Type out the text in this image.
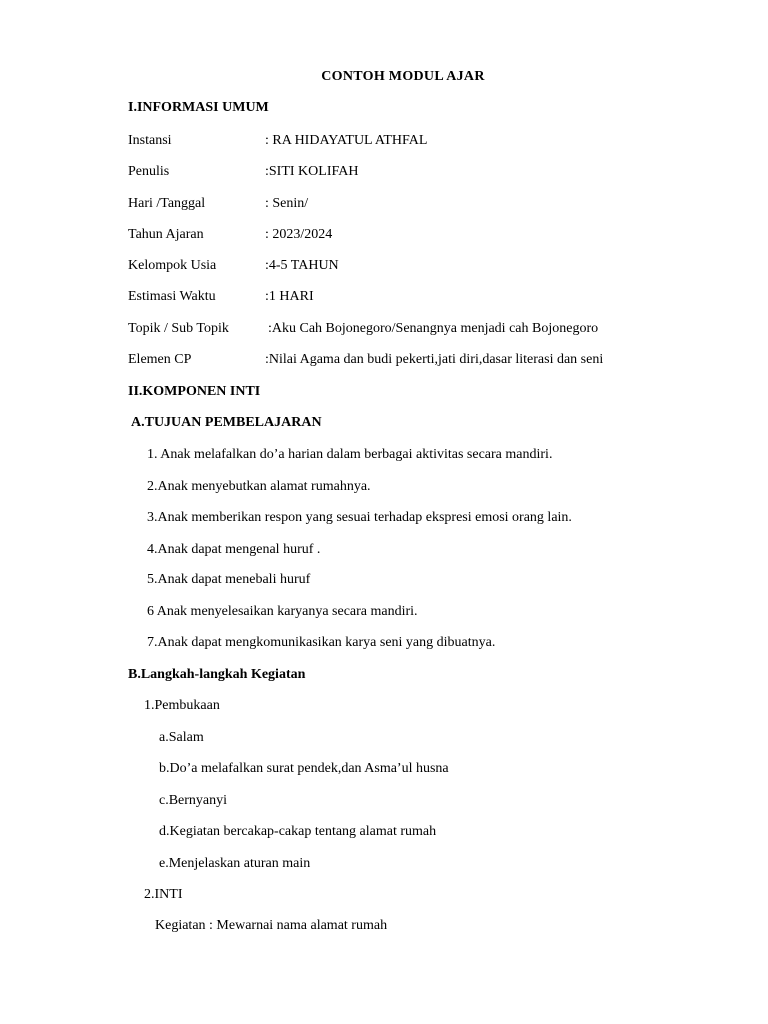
CONTOH MODUL AJAR
I.INFORMASI UMUM
Instansi	: RA HIDAYATUL ATHFAL
Penulis	:SITI KOLIFAH
Hari /Tanggal	: Senin/
Tahun Ajaran	: 2023/2024
Kelompok Usia	:4-5 TAHUN
Estimasi Waktu	:1 HARI
Topik / Sub Topik	:Aku Cah Bojonegoro/Senangnya menjadi cah Bojonegoro
Elemen CP	:Nilai Agama dan budi pekerti,jati diri,dasar literasi dan seni
II.KOMPONEN INTI
A.TUJUAN PEMBELAJARAN
1. Anak melafalkan do’a harian dalam berbagai aktivitas secara mandiri.
2.Anak menyebutkan alamat rumahnya.
3.Anak memberikan respon yang sesuai terhadap ekspresi emosi orang lain.
4.Anak dapat mengenal huruf .
5.Anak dapat menebali huruf
6 Anak menyelesaikan karyanya secara mandiri.
7.Anak dapat mengkomunikasikan karya seni yang dibuatnya.
B.Langkah-langkah Kegiatan
1.Pembukaan
a.Salam
b.Do’a melafalkan surat pendek,dan Asma’ul husna
c.Bernyanyi
d.Kegiatan bercakap-cakap tentang alamat rumah
e.Menjelaskan aturan main
2.INTI
Kegiatan : Mewarnai nama alamat rumah
